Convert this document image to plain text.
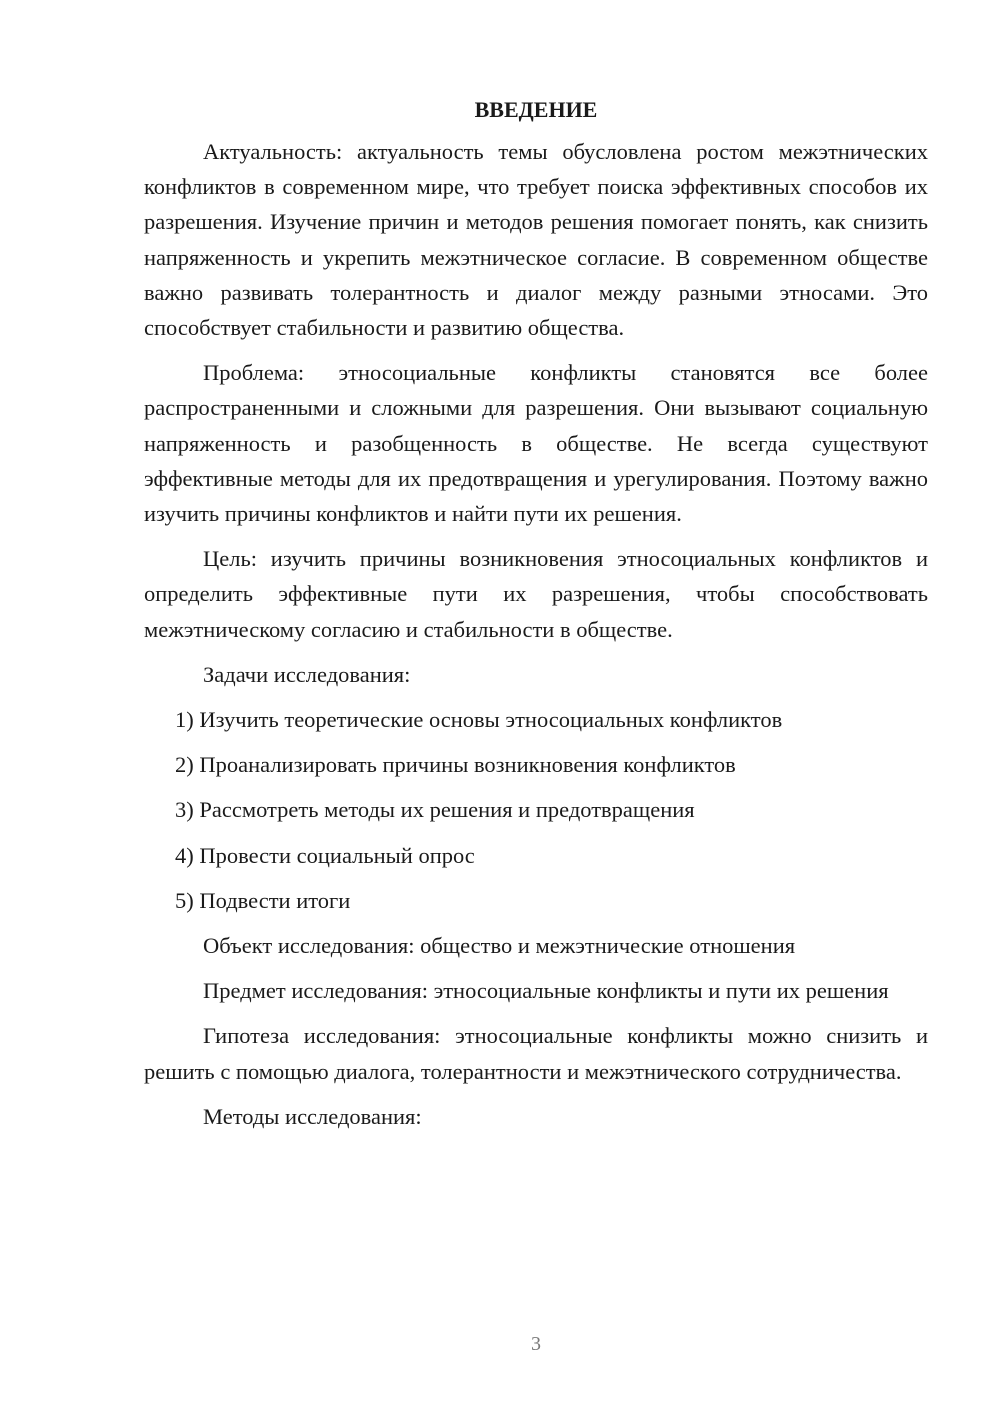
ВВЕДЕНИЕ

Актуальность: актуальность темы обусловлена ростом межэтнических конфликтов в современном мире, что требует поиска эффективных способов их разрешения. Изучение причин и методов решения помогает понять, как снизить напряженность и укрепить межэтническое согласие. В современном обществе важно развивать толерантность и диалог между разными этносами. Это способствует стабильности и развитию общества.

Проблема: этносоциальные конфликты становятся все более распространенными и сложными для разрешения. Они вызывают социальную напряженность и разобщенность в обществе. Не всегда существуют эффективные методы для их предотвращения и урегулирования. Поэтому важно изучить причины конфликтов и найти пути их решения.

Цель: изучить причины возникновения этносоциальных конфликтов и определить эффективные пути их разрешения, чтобы способствовать межэтническому согласию и стабильности в обществе.

Задачи исследования:
1) Изучить теоретические основы этносоциальных конфликтов
2) Проанализировать причины возникновения конфликтов
3) Рассмотреть методы их решения и предотвращения
4) Провести социальный опрос
5) Подвести итоги
Объект исследования: общество и межэтнические отношения

Предмет исследования: этносоциальные конфликты и пути их решения

Гипотеза исследования: этносоциальные конфликты можно снизить и решить с помощью диалога, толерантности и межэтнического сотрудничества.

Методы исследования:
3
